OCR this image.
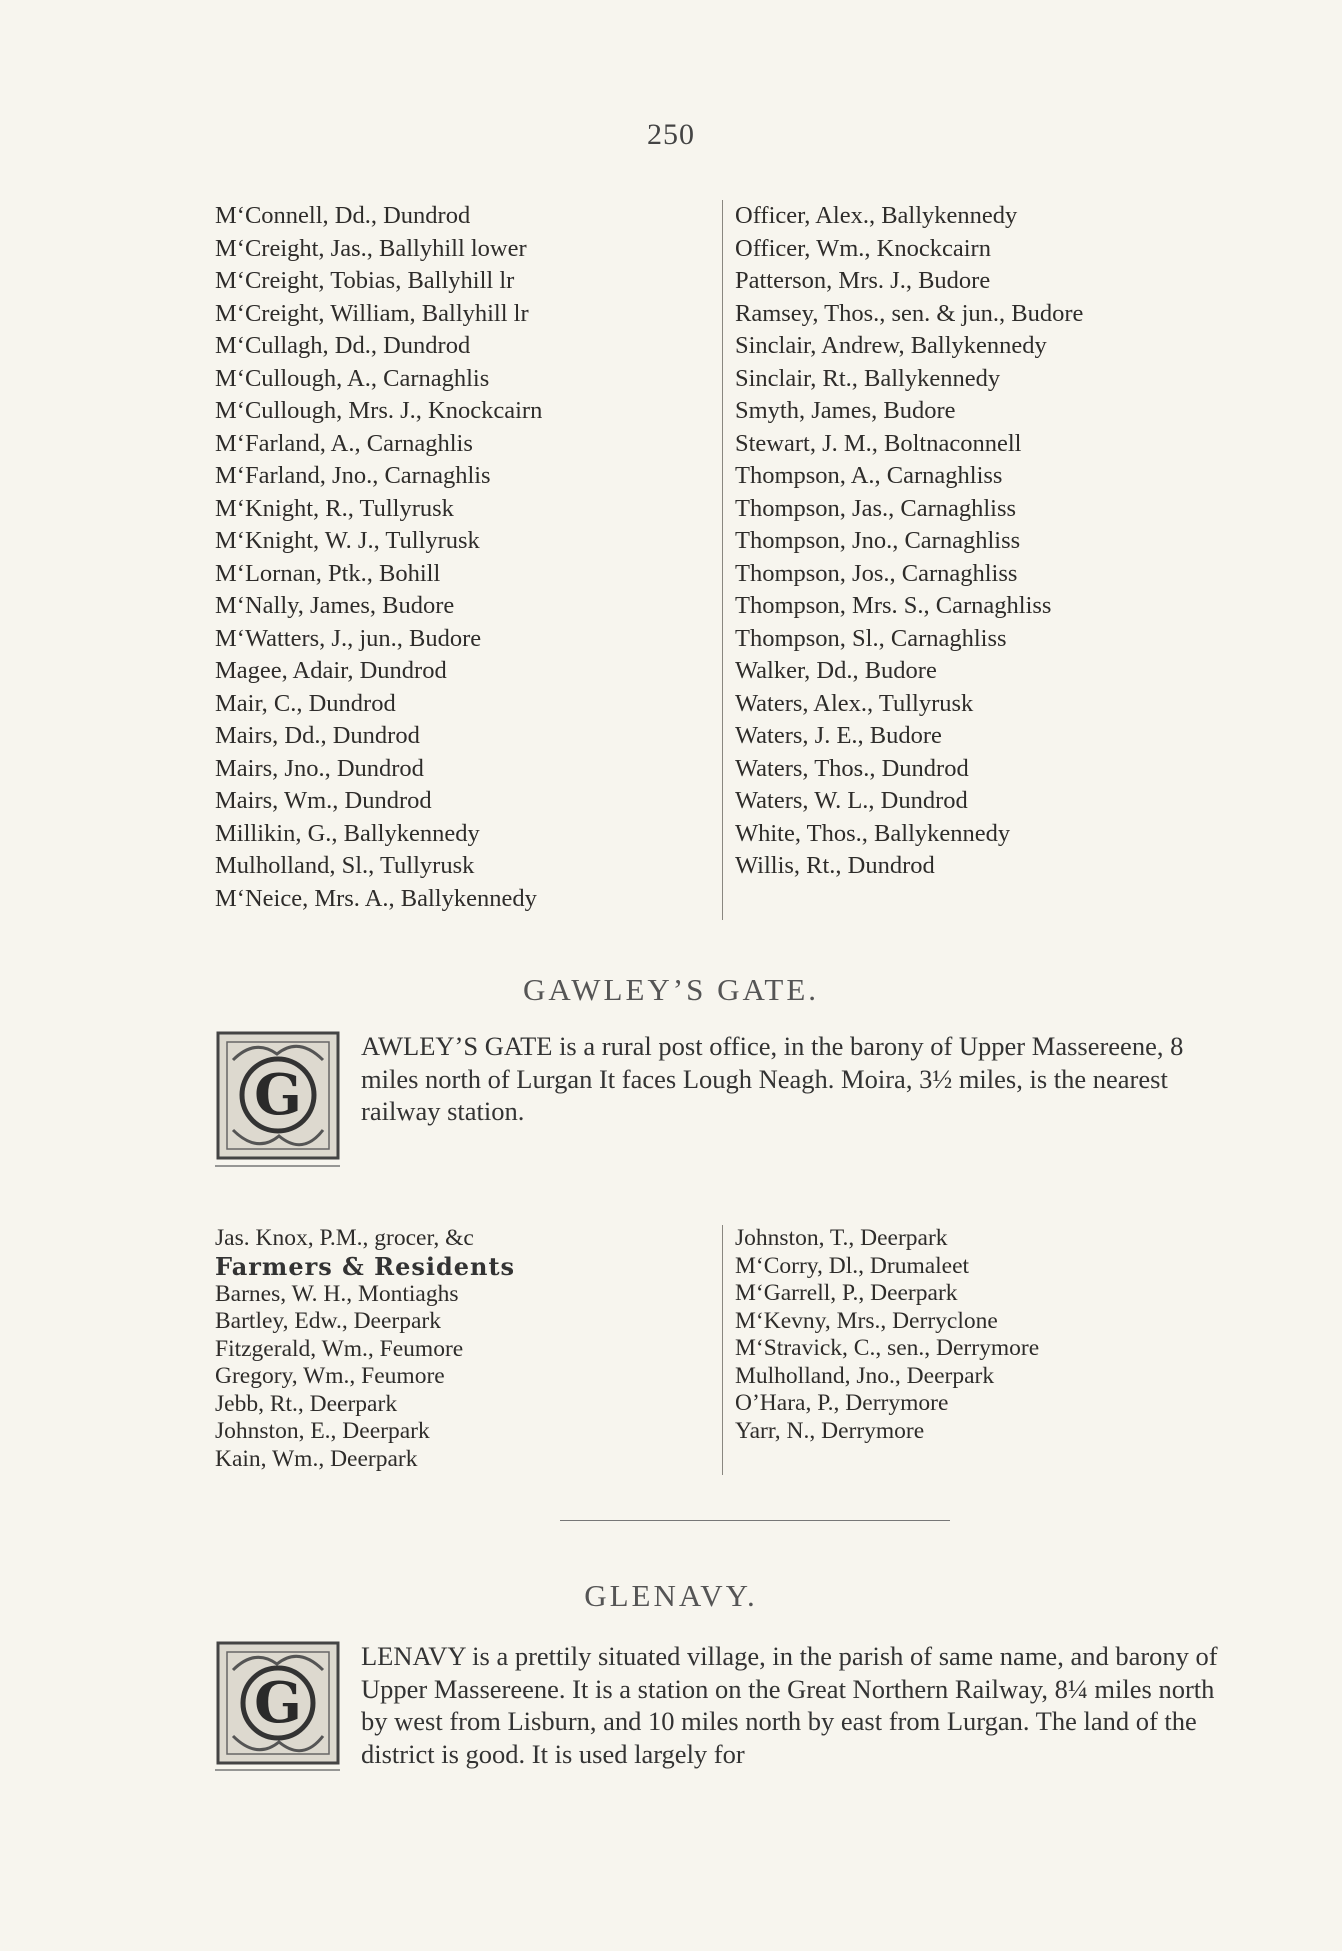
250
M‘Connell, Dd., Dundrod
M‘Creight, Jas., Ballyhill lower
M‘Creight, Tobias, Ballyhill lr
M‘Creight, William, Ballyhill lr
M‘Cullagh, Dd., Dundrod
M‘Cullough, A., Carnaghlis
M‘Cullough, Mrs. J., Knockcairn
M‘Farland, A., Carnaghlis
M‘Farland, Jno., Carnaghlis
M‘Knight, R., Tullyrusk
M‘Knight, W. J., Tullyrusk
M‘Lornan, Ptk., Bohill
M‘Nally, James, Budore
M‘Watters, J., jun., Budore
Magee, Adair, Dundrod
Mair, C., Dundrod
Mairs, Dd., Dundrod
Mairs, Jno., Dundrod
Mairs, Wm., Dundrod
Millikin, G., Ballykennedy
Mulholland, Sl., Tullyrusk
M‘Neice, Mrs. A., Ballykennedy
Officer, Alex., Ballykennedy
Officer, Wm., Knockcairn
Patterson, Mrs. J., Budore
Ramsey, Thos., sen. & jun., Budore
Sinclair, Andrew, Ballykennedy
Sinclair, Rt., Ballykennedy
Smyth, James, Budore
Stewart, J. M., Boltnaconnell
Thompson, A., Carnaghliss
Thompson, Jas., Carnaghliss
Thompson, Jno., Carnaghliss
Thompson, Jos., Carnaghliss
Thompson, Mrs. S., Carnaghliss
Thompson, Sl., Carnaghliss
Walker, Dd., Budore
Waters, Alex., Tullyrusk
Waters, J. E., Budore
Waters, Thos., Dundrod
Waters, W. L., Dundrod
White, Thos., Ballykennedy
Willis, Rt., Dundrod
GAWLEY’S GATE.
G
AWLEY’S GATE is a rural post office, in the barony of Upper Massereene, 8 miles north of Lurgan It faces Lough Neagh. Moira, 3½ miles, is the nearest railway station.
Jas. Knox, P.M., grocer, &c
Farmers & Residents
Barnes, W. H., Montiaghs
Bartley, Edw., Deerpark
Fitzgerald, Wm., Feumore
Gregory, Wm., Feumore
Jebb, Rt., Deerpark
Johnston, E., Deerpark
Kain, Wm., Deerpark
Johnston, T., Deerpark
M‘Corry, Dl., Drumaleet
M‘Garrell, P., Deerpark
M‘Kevny, Mrs., Derryclone
M‘Stravick, C., sen., Derrymore
Mulholland, Jno., Deerpark
O’Hara, P., Derrymore
Yarr, N., Derrymore
GLENAVY.
G
LENAVY is a prettily situated village, in the parish of same name, and barony of Upper Massereene. It is a station on the Great Northern Railway, 8¼ miles north by west from Lisburn, and 10 miles north by east from Lurgan. The land of the district is good. It is used largely for
